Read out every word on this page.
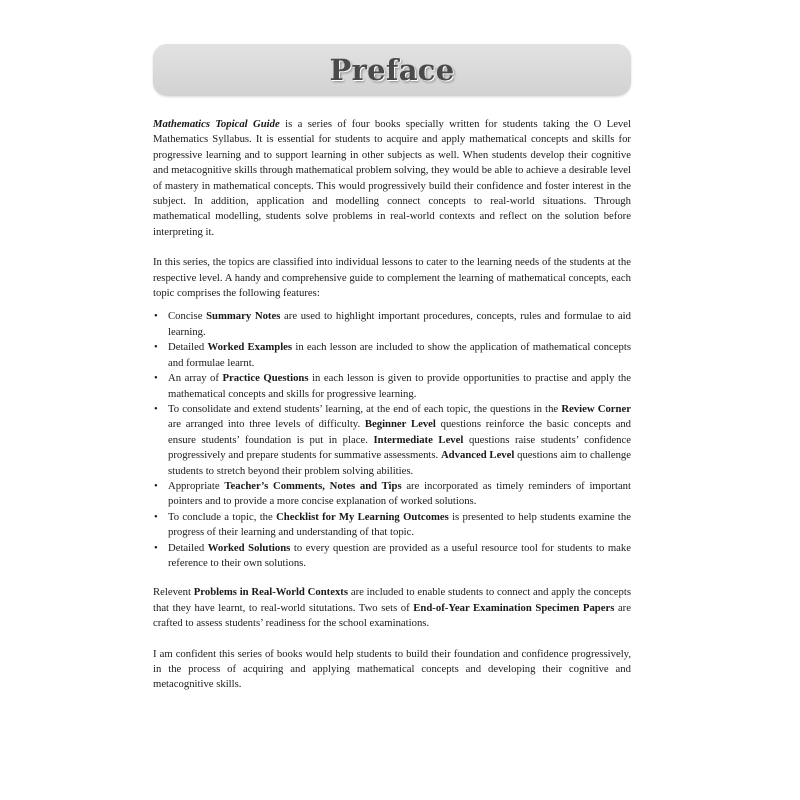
Preface

Mathematics Topical Guide is a series of four books specially written for students taking the O Level Mathematics Syllabus. It is essential for students to acquire and apply mathematical concepts and skills for progressive learning and to support learning in other subjects as well. When students develop their cognitive and metacognitive skills through mathematical problem solving, they would be able to achieve a desirable level of mastery in mathematical concepts. This would progressively build their confidence and foster interest in the subject. In addition, application and modelling connect concepts to real-world situations. Through mathematical modelling, students solve problems in real-world contexts and reflect on the solution before interpreting it.

In this series, the topics are classified into individual lessons to cater to the learning needs of the students at the respective level. A handy and comprehensive guide to complement the learning of mathematical concepts, each topic comprises the following features:

• Concise Summary Notes are used to highlight important procedures, concepts, rules and formulae to aid learning.
• Detailed Worked Examples in each lesson are included to show the application of mathematical concepts and formulae learnt.
• An array of Practice Questions in each lesson is given to provide opportunities to practise and apply the mathematical concepts and skills for progressive learning.
• To consolidate and extend students’ learning, at the end of each topic, the questions in the Review Corner are arranged into three levels of difficulty. Beginner Level questions reinforce the basic concepts and ensure students’ foundation is put in place. Intermediate Level questions raise students’ confidence progressively and prepare students for summative assessments. Advanced Level questions aim to challenge students to stretch beyond their problem solving abilities.
• Appropriate Teacher’s Comments, Notes and Tips are incorporated as timely reminders of important pointers and to provide a more concise explanation of worked solutions.
• To conclude a topic, the Checklist for My Learning Outcomes is presented to help students examine the progress of their learning and understanding of that topic.
• Detailed Worked Solutions to every question are provided as a useful resource tool for students to make reference to their own solutions.

Relevent Problems in Real-World Contexts are included to enable students to connect and apply the concepts that they have learnt, to real-world situtations. Two sets of End-of-Year Examination Specimen Papers are crafted to assess students’ readiness for the school examinations.

I am confident this series of books would help students to build their foundation and confidence progressively, in the process of acquiring and applying mathematical concepts and developing their cognitive and metacognitive skills.
